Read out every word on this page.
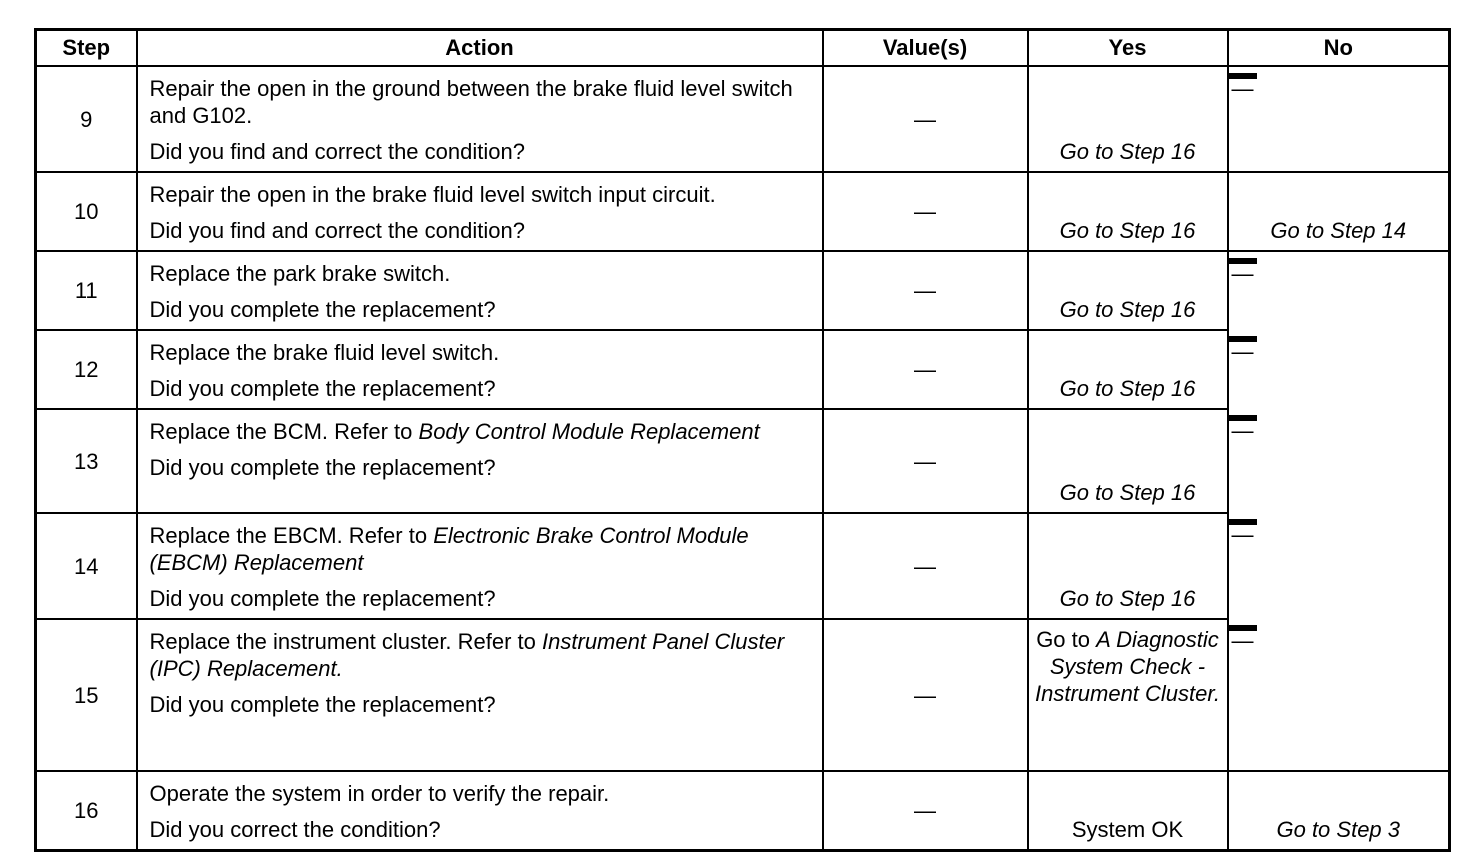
Step	Action	Value(s)	Yes	No
9	Repair the open in the ground between the brake fluid level switch and G102.

Did you find and correct the condition?	—	Go to Step 16	—
10	Repair the open in the brake fluid level switch input circuit.

Did you find and correct the condition?	—	Go to Step 16	Go to Step 14
11	Replace the park brake switch.

Did you complete the replacement?	—	Go to Step 16	—
12	Replace the brake fluid level switch.

Did you complete the replacement?	—	Go to Step 16	—
13	Replace the BCM. Refer to Body Control Module Replacement

Did you complete the replacement?	—	Go to Step 16	—
14	Replace the EBCM. Refer to Electronic Brake Control Module (EBCM) Replacement

Did you complete the replacement?	—	Go to Step 16	—
15	Replace the instrument cluster. Refer to Instrument Panel Cluster (IPC) Replacement.

Did you complete the replacement?	—	Go to A Diagnostic System Check - Instrument Cluster.	—
16	Operate the system in order to verify the repair.

Did you correct the condition?	—	System OK	Go to Step 3
